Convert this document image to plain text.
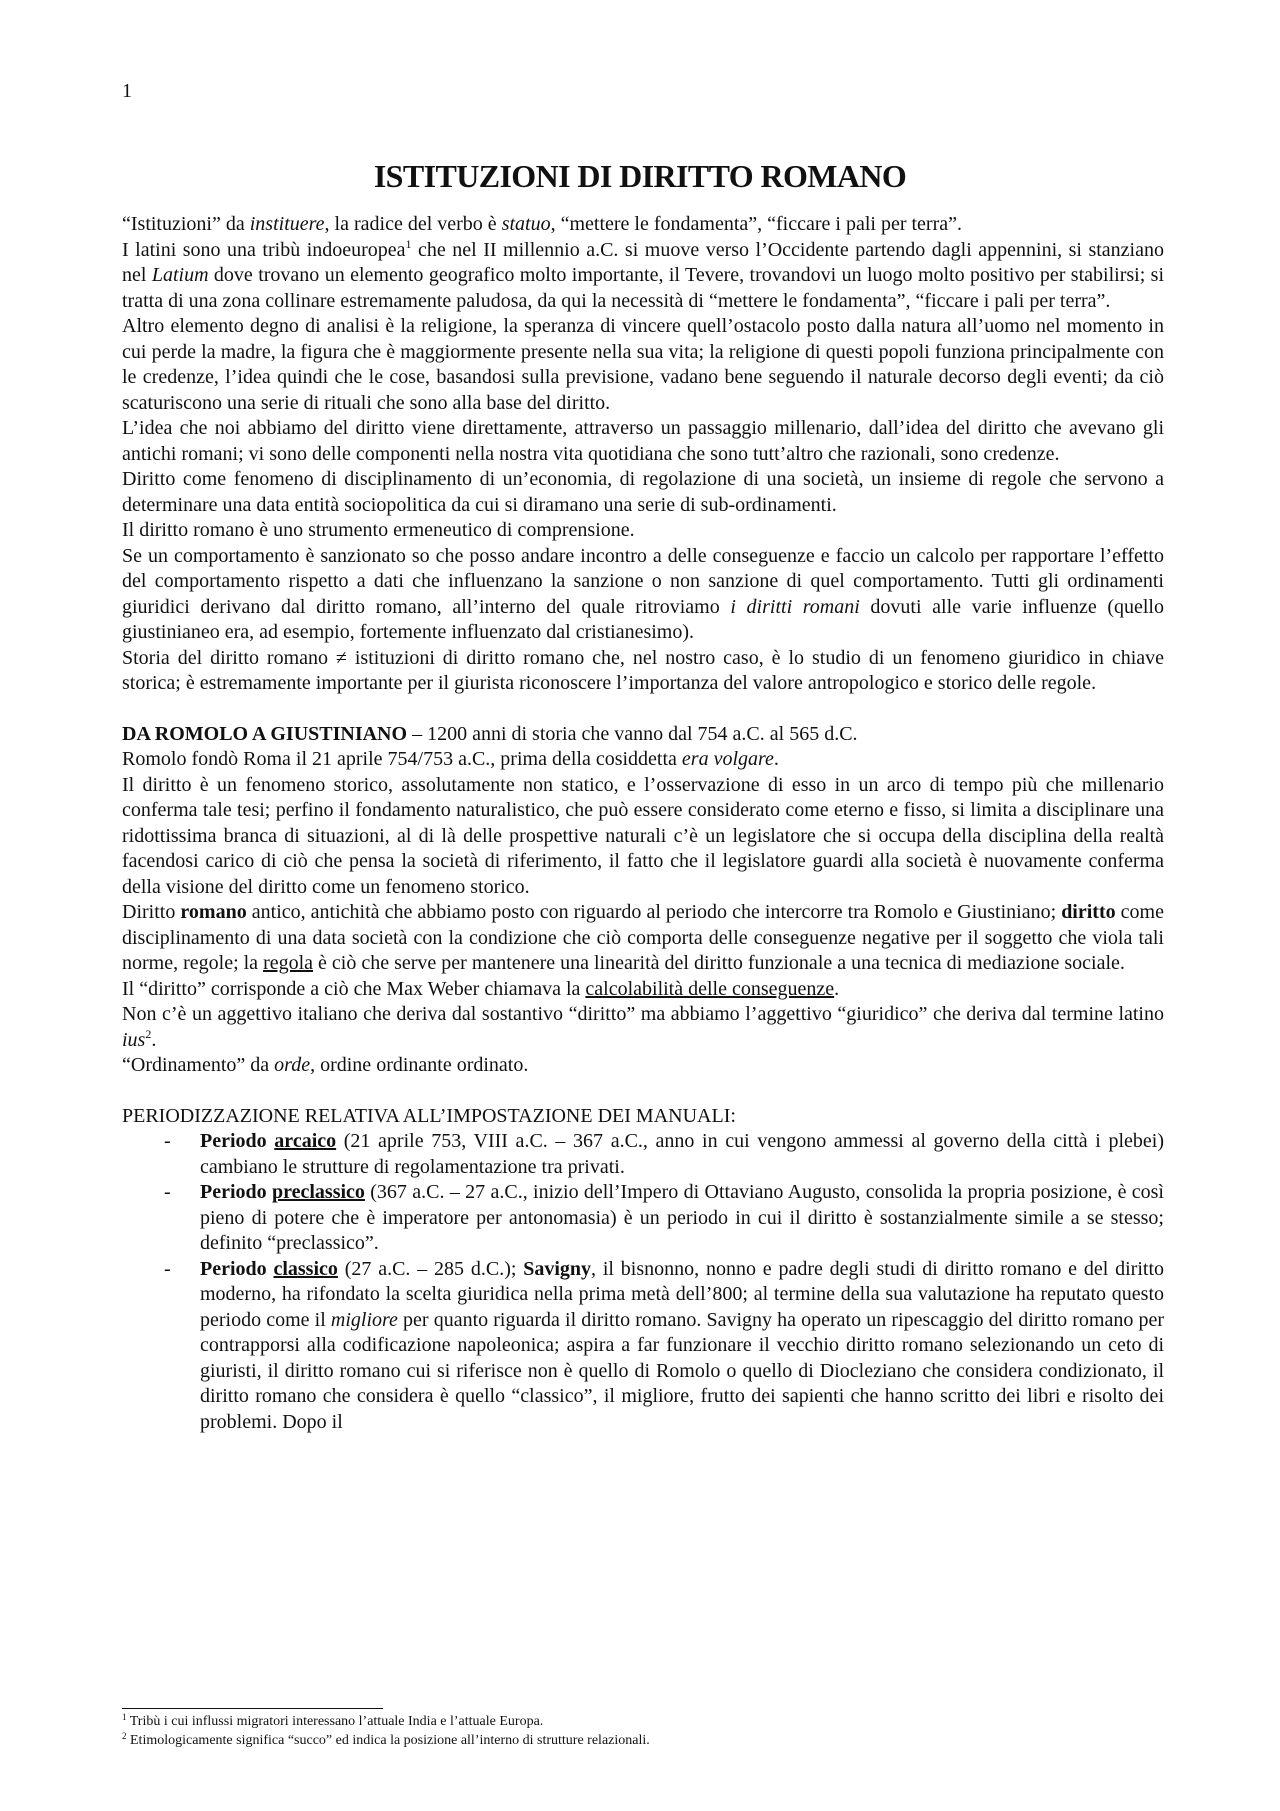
1
ISTITUZIONI DI DIRITTO ROMANO

“Istituzioni” da instituere, la radice del verbo è statuo, “mettere le fondamenta”, “ficcare i pali per terra”.

I latini sono una tribù indoeuropea$^1$ che nel II millennio a.C. si muove verso l’Occidente partendo dagli appennini, si stanziano nel Latium dove trovano un elemento geografico molto importante, il Tevere, trovandovi un luogo molto positivo per stabilirsi; si tratta di una zona collinare estremamente paludosa, da qui la necessità di “mettere le fondamenta”, “ficcare i pali per terra”.

Altro elemento degno di analisi è la religione, la speranza di vincere quell’ostacolo posto dalla natura all’uomo nel momento in cui perde la madre, la figura che è maggiormente presente nella sua vita; la religione di questi popoli funziona principalmente con le credenze, l’idea quindi che le cose, basandosi sulla previsione, vadano bene seguendo il naturale decorso degli eventi; da ciò scaturiscono una serie di rituali che sono alla base del diritto.

L’idea che noi abbiamo del diritto viene direttamente, attraverso un passaggio millenario, dall’idea del diritto che avevano gli antichi romani; vi sono delle componenti nella nostra vita quotidiana che sono tutt’altro che razionali, sono credenze.

Diritto come fenomeno di disciplinamento di un’economia, di regolazione di una società, un insieme di regole che servono a determinare una data entità sociopolitica da cui si diramano una serie di sub-ordinamenti.

Il diritto romano è uno strumento ermeneutico di comprensione.

Se un comportamento è sanzionato so che posso andare incontro a delle conseguenze e faccio un calcolo per rapportare l’effetto del comportamento rispetto a dati che influenzano la sanzione o non sanzione di quel comportamento. Tutti gli ordinamenti giuridici derivano dal diritto romano, all’interno del quale ritroviamo i diritti romani dovuti alle varie influenze (quello giustinianeo era, ad esempio, fortemente influenzato dal cristianesimo).

Storia del diritto romano ≠ istituzioni di diritto romano che, nel nostro caso, è lo studio di un fenomeno giuridico in chiave storica; è estremamente importante per il giurista riconoscere l’importanza del valore antropologico e storico delle regole.

DA ROMOLO A GIUSTINIANO – 1200 anni di storia che vanno dal 754 a.C. al 565 d.C.

Romolo fondò Roma il 21 aprile 754/753 a.C., prima della cosiddetta era volgare.

Il diritto è un fenomeno storico, assolutamente non statico, e l’osservazione di esso in un arco di tempo più che millenario conferma tale tesi; perfino il fondamento naturalistico, che può essere considerato come eterno e fisso, si limita a disciplinare una ridottissima branca di situazioni, al di là delle prospettive naturali c’è un legislatore che si occupa della disciplina della realtà facendosi carico di ciò che pensa la società di riferimento, il fatto che il legislatore guardi alla società è nuovamente conferma della visione del diritto come un fenomeno storico.

Diritto romano antico, antichità che abbiamo posto con riguardo al periodo che intercorre tra Romolo e Giustiniano; diritto come disciplinamento di una data società con la condizione che ciò comporta delle conseguenze negative per il soggetto che viola tali norme, regole; la regola è ciò che serve per mantenere una linearità del diritto funzionale a una tecnica di mediazione sociale.

Il “diritto” corrisponde a ciò che Max Weber chiamava la calcolabilità delle conseguenze.

Non c’è un aggettivo italiano che deriva dal sostantivo “diritto” ma abbiamo l’aggettivo “giuridico” che deriva dal termine latino ius$^2$.

“Ordinamento” da orde, ordine ordinante ordinato.

PERIODIZZAZIONE RELATIVA ALL’IMPOSTAZIONE DEI MANUALI:

- Periodo arcaico (21 aprile 753, VIII a.C. – 367 a.C., anno in cui vengono ammessi al governo della città i plebei) cambiano le strutture di regolamentazione tra privati.
- Periodo preclassico (367 a.C. – 27 a.C., inizio dell’Impero di Ottaviano Augusto, consolida la propria posizione, è così pieno di potere che è imperatore per antonomasia) è un periodo in cui il diritto è sostanzialmente simile a se stesso; definito “preclassico”.
- Periodo classico (27 a.C. – 285 d.C.); Savigny, il bisnonno, nonno e padre degli studi di diritto romano e del diritto moderno, ha rifondato la scelta giuridica nella prima metà dell’800; al termine della sua valutazione ha reputato questo periodo come il migliore per quanto riguarda il diritto romano. Savigny ha operato un ripescaggio del diritto romano per contrapporsi alla codificazione napoleonica; aspira a far funzionare il vecchio diritto romano selezionando un ceto di giuristi, il diritto romano cui si riferisce non è quello di Romolo o quello di Diocleziano che considera condizionato, il diritto romano che considera è quello “classico”, il migliore, frutto dei sapienti che hanno scritto dei libri e risolto dei problemi. Dopo il

$^1$ Tribù i cui influssi migratori interessano l’attuale India e l’attuale Europa.

$^2$ Etimologicamente significa “succo” ed indica la posizione all’interno di strutture relazionali.
